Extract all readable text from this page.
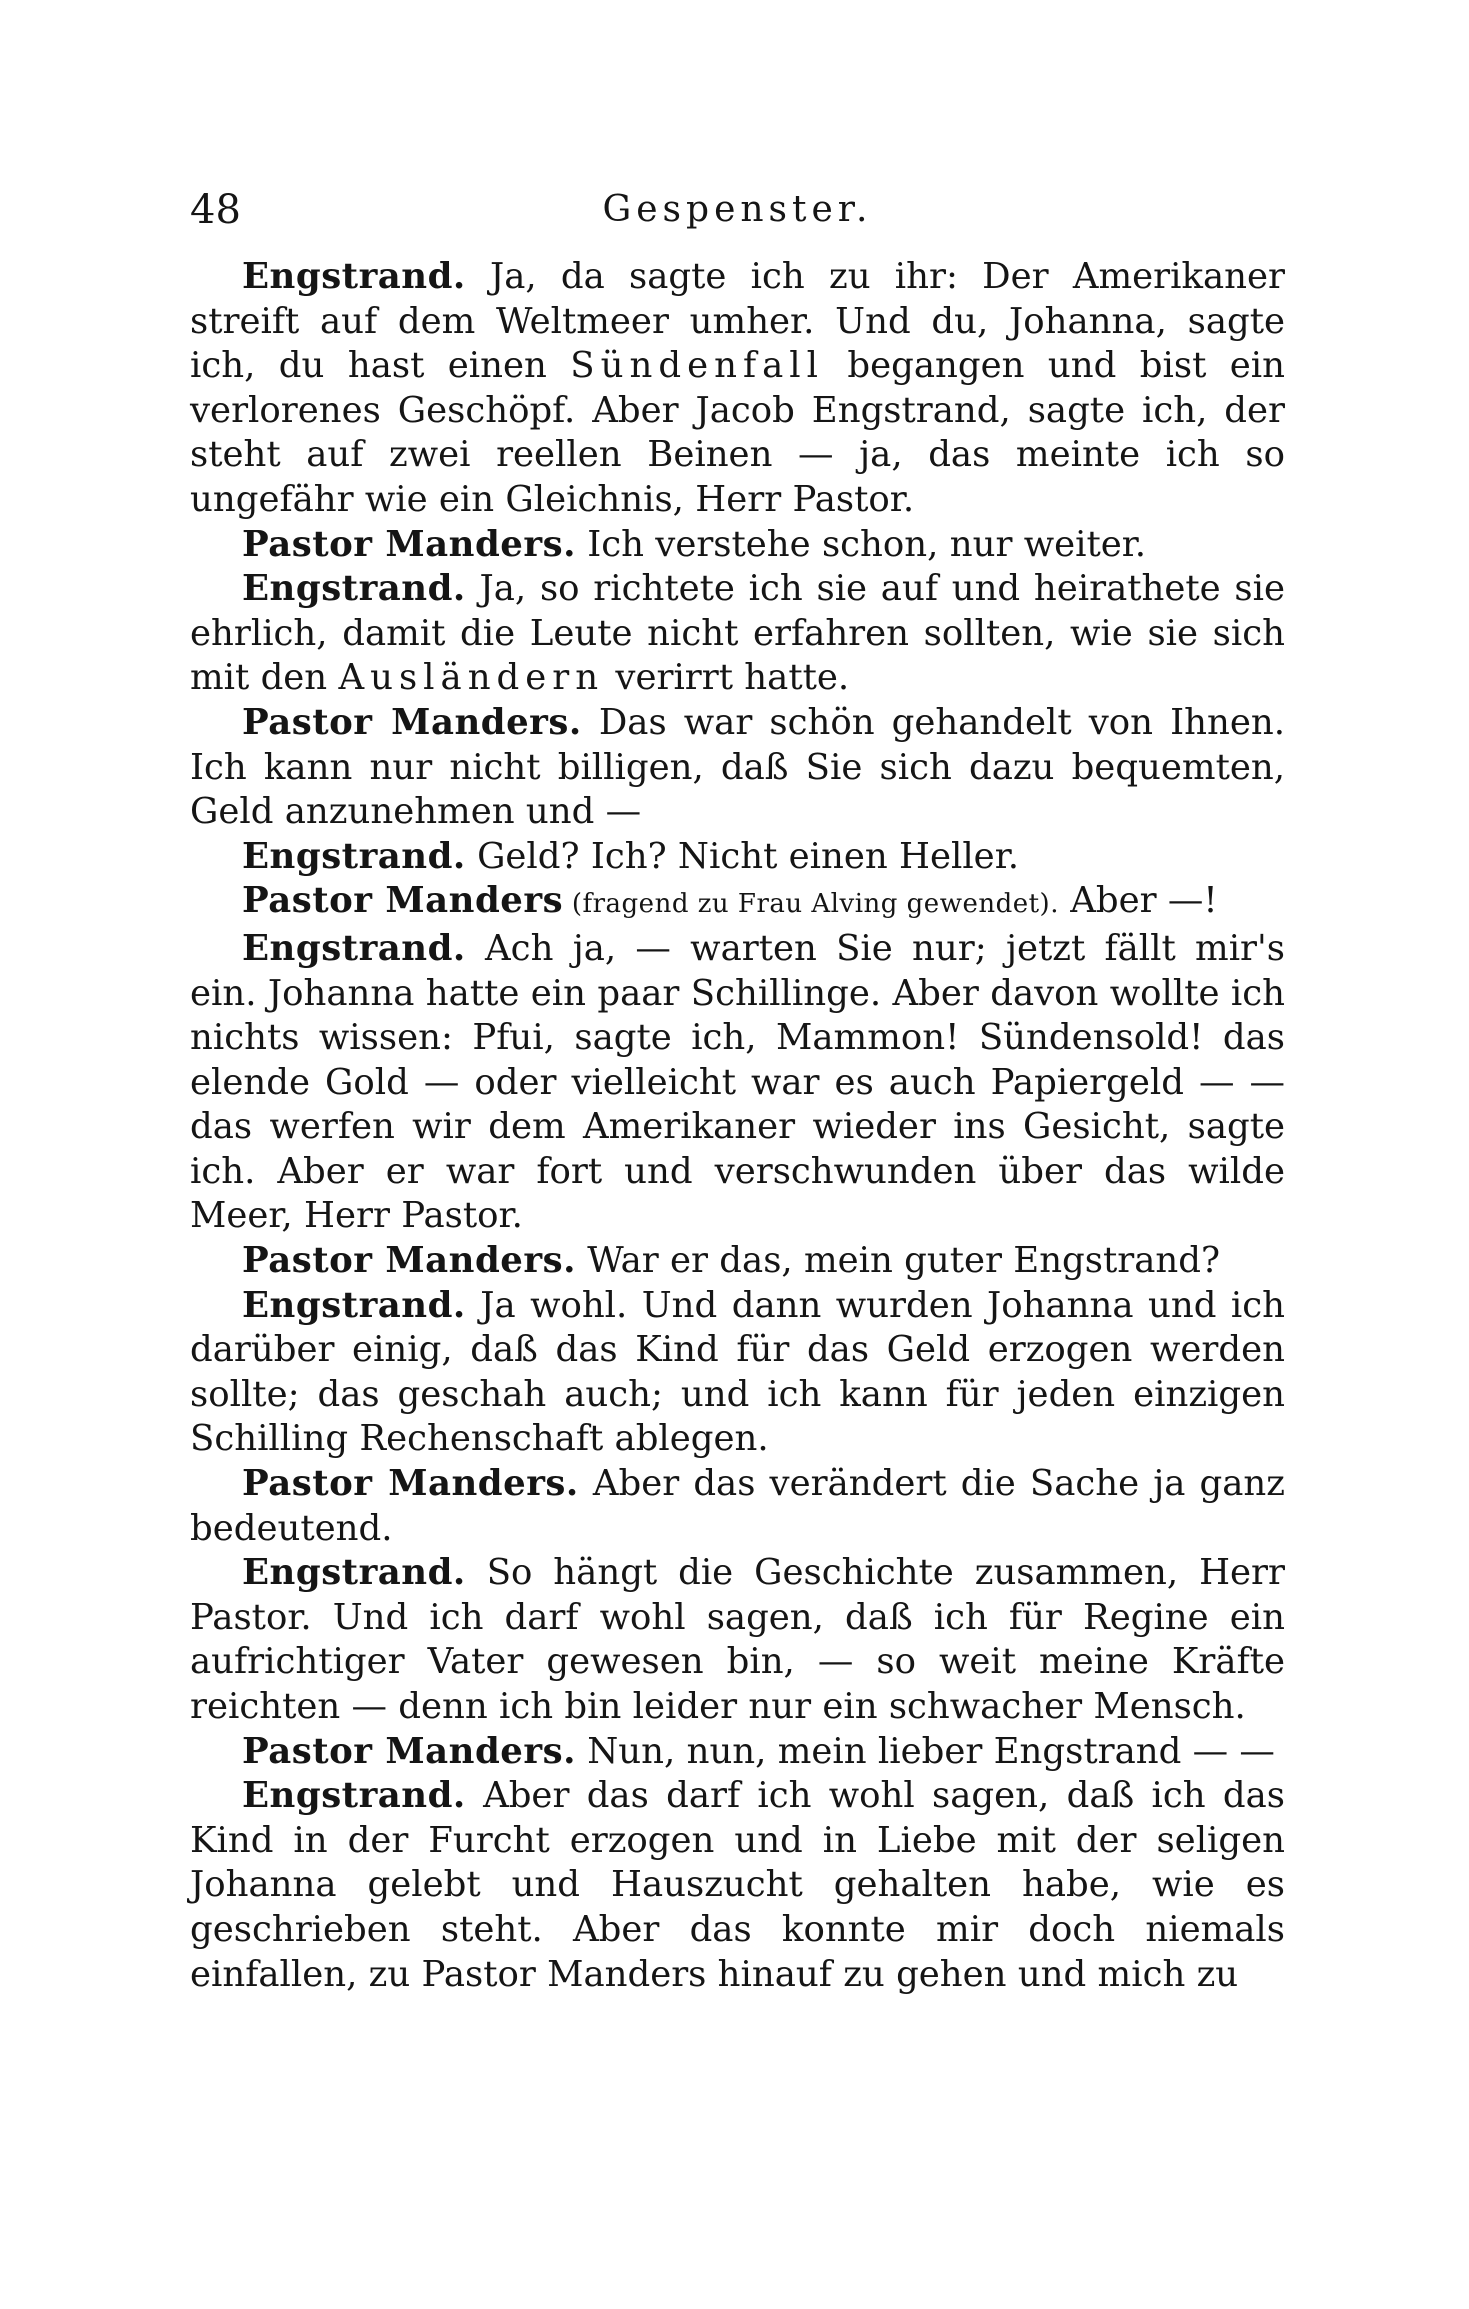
48	Gespenster.

Engstrand. Ja, da sagte ich zu ihr: Der Amerikaner streift auf dem Weltmeer umher. Und du, Johanna, sagte ich, du hast einen Sündenfall begangen und bist ein verlorenes Geschöpf. Aber Jacob Engstrand, sagte ich, der steht auf zwei reellen Beinen — ja, das meinte ich so ungefähr wie ein Gleichnis, Herr Pastor.

Pastor Manders. Ich verstehe schon, nur weiter.

Engstrand. Ja, so richtete ich sie auf und heirathete sie ehrlich, damit die Leute nicht erfahren sollten, wie sie sich mit den Ausländern verirrt hatte.

Pastor Manders. Das war schön gehandelt von Ihnen. Ich kann nur nicht billigen, daß Sie sich dazu bequemten, Geld anzunehmen und —

Engstrand. Geld? Ich? Nicht einen Heller.

Pastor Manders (fragend zu Frau Alving gewendet). Aber —!

Engstrand. Ach ja, — warten Sie nur; jetzt fällt mir's ein. Johanna hatte ein paar Schillinge. Aber davon wollte ich nichts wissen: Pfui, sagte ich, Mammon! Sündensold! das elende Gold — oder vielleicht war es auch Papiergeld — — das werfen wir dem Amerikaner wieder ins Gesicht, sagte ich. Aber er war fort und verschwunden über das wilde Meer, Herr Pastor.

Pastor Manders. War er das, mein guter Engstrand?

Engstrand. Ja wohl. Und dann wurden Johanna und ich darüber einig, daß das Kind für das Geld erzogen werden sollte; das geschah auch; und ich kann für jeden einzigen Schilling Rechenschaft ablegen.

Pastor Manders. Aber das verändert die Sache ja ganz bedeutend.

Engstrand. So hängt die Geschichte zusammen, Herr Pastor. Und ich darf wohl sagen, daß ich für Regine ein aufrichtiger Vater gewesen bin, — so weit meine Kräfte reichten — denn ich bin leider nur ein schwacher Mensch.

Pastor Manders. Nun, nun, mein lieber Engstrand — —

Engstrand. Aber das darf ich wohl sagen, daß ich das Kind in der Furcht erzogen und in Liebe mit der seligen Johanna gelebt und Hauszucht gehalten habe, wie es geschrieben steht. Aber das konnte mir doch niemals einfallen, zu Pastor Manders hinauf zu gehen und mich zu
